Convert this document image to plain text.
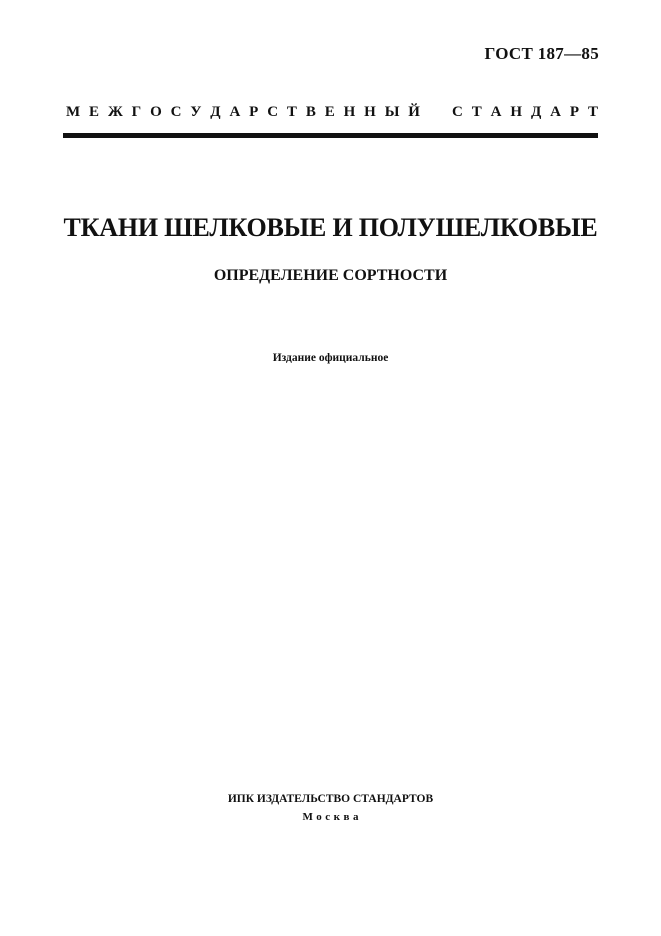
ГОСТ 187—85
М Е Ж Г О С У Д А Р С Т В Е Н Н Ы Й С Т А Н Д А Р Т
ТКАНИ ШЕЛКОВЫЕ И ПОЛУШЕЛКОВЫЕ
ОПРЕДЕЛЕНИЕ СОРТНОСТИ
Издание официальное
ИПК ИЗДАТЕЛЬСТВО СТАНДАРТОВ
Москва
